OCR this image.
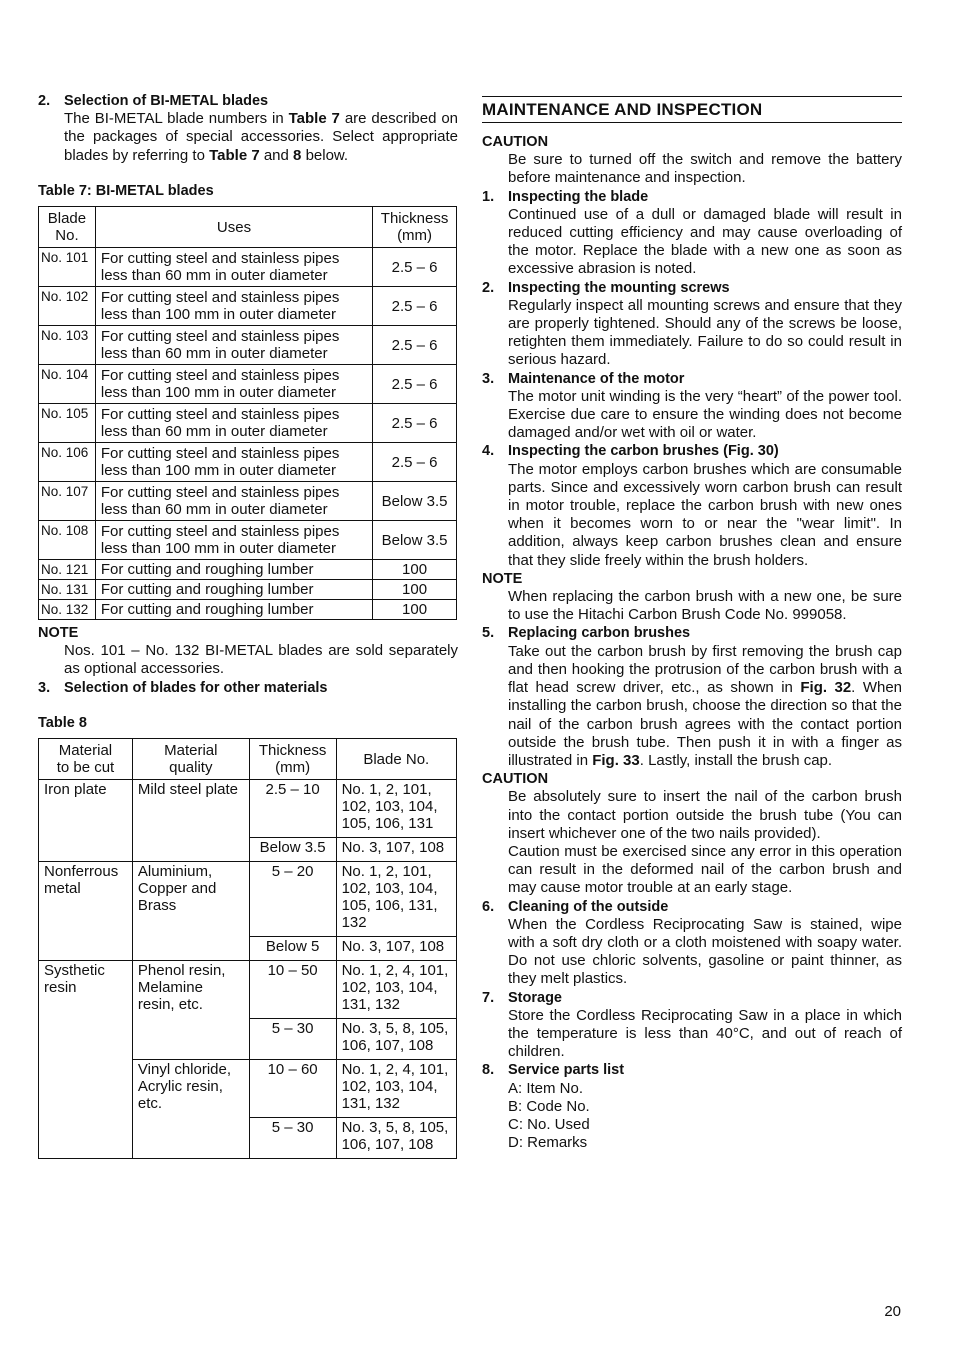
2. Selection of BI-METAL blades

The BI-METAL blade numbers in Table 7 are described on the packages of special accessories. Select appropriate blades by referring to Table 7 and 8 below.

Table 7: BI-METAL blades

Blade
No.	Uses	Thickness
(mm)
No. 101	For cutting steel and stainless pipes
less than 60 mm in outer diameter	2.5 – 6
No. 102	For cutting steel and stainless pipes
less than 100 mm in outer diameter	2.5 – 6
No. 103	For cutting steel and stainless pipes
less than 60 mm in outer diameter	2.5 – 6
No. 104	For cutting steel and stainless pipes
less than 100 mm in outer diameter	2.5 – 6
No. 105	For cutting steel and stainless pipes
less than 60 mm in outer diameter	2.5 – 6
No. 106	For cutting steel and stainless pipes
less than 100 mm in outer diameter	2.5 – 6
No. 107	For cutting steel and stainless pipes
less than 60 mm in outer diameter	Below 3.5
No. 108	For cutting steel and stainless pipes
less than 100 mm in outer diameter	Below 3.5
No. 121	For cutting and roughing lumber	100
No. 131	For cutting and roughing lumber	100
No. 132	For cutting and roughing lumber	100

NOTE

Nos. 101 – No. 132 BI-METAL blades are sold separately as optional accessories.

3. Selection of blades for other materials

Table 8

Material
to be cut	Material
quality	Thickness
(mm)	Blade No.
Iron plate	Mild steel plate	2.5 – 10	No. 1, 2, 101, 102, 103, 104, 105, 106, 131
		Below 3.5	No. 3, 107, 108
Nonferrous metal	Aluminium, Copper and Brass	5 – 20	No. 1, 2, 101, 102, 103, 104, 105, 106, 131, 132
		Below 5	No. 3, 107, 108
Systhetic resin	Phenol resin, Melamine resin, etc.	10 – 50	No. 1, 2, 4, 101, 102, 103, 104, 131, 132
		5 – 30	No. 3, 5, 8, 105, 106, 107, 108
	Vinyl chloride, Acrylic resin, etc.	10 – 60	No. 1, 2, 4, 101, 102, 103, 104, 131, 132
		5 – 30	No. 3, 5, 8, 105, 106, 107, 108
MAINTENANCE AND INSPECTION

CAUTION

Be sure to turned off the switch and remove the battery before maintenance and inspection.

1. Inspecting the blade

Continued use of a dull or damaged blade will result in reduced cutting efficiency and may cause overloading of the motor. Replace the blade with a new one as soon as excessive abrasion is noted.

2. Inspecting the mounting screws

Regularly inspect all mounting screws and ensure that they are properly tightened. Should any of the screws be loose, retighten them immediately. Failure to do so could result in serious hazard.

3. Maintenance of the motor

The motor unit winding is the very “heart” of the power tool. Exercise due care to ensure the winding does not become damaged and/or wet with oil or water.

4. Inspecting the carbon brushes (Fig. 30)

The motor employs carbon brushes which are consumable parts. Since and excessively worn carbon brush can result in motor trouble, replace the carbon brush with new ones when it becomes worn to or near the "wear limit". In addition, always keep carbon brushes clean and ensure that they slide freely within the brush holders.

NOTE

When replacing the carbon brush with a new one, be sure to use the Hitachi Carbon Brush Code No. 999058.

5. Replacing carbon brushes

Take out the carbon brush by first removing the brush cap and then hooking the protrusion of the carbon brush with a flat head screw driver, etc., as shown in Fig. 32. When installing the carbon brush, choose the direction so that the nail of the carbon brush agrees with the contact portion outside the brush tube. Then push it in with a finger as illustrated in Fig. 33. Lastly, install the brush cap.

CAUTION

Be absolutely sure to insert the nail of the carbon brush into the contact portion outside the brush tube (You can insert whichever one of the two nails provided).

Caution must be exercised since any error in this operation can result in the deformed nail of the carbon brush and may cause motor trouble at an early stage.

6. Cleaning of the outside

When the Cordless Reciprocating Saw is stained, wipe with a soft dry cloth or a cloth moistened with soapy water. Do not use chloric solvents, gasoline or paint thinner, as they melt plastics.

7. Storage

Store the Cordless Reciprocating Saw in a place in which the temperature is less than 40°C, and out of reach of children.

8. Service parts list
A: Item No.
B: Code No.
C: No. Used
D: Remarks
20
